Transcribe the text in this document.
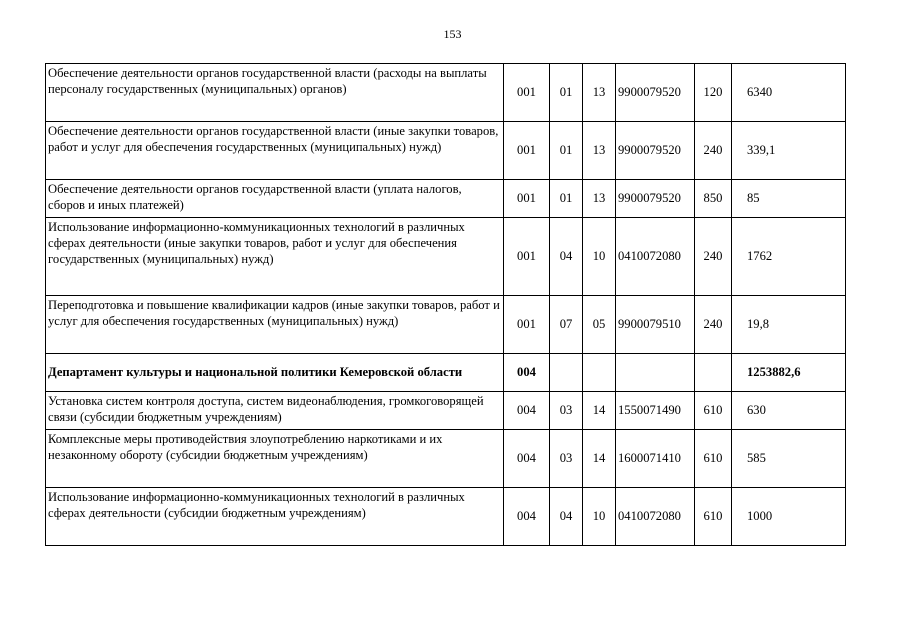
153
Обеспечение деятельности органов государственной власти (расходы на выплаты персоналу государственных (муниципальных) органов)	001	01	13	9900079520	120	6340
Обеспечение деятельности органов государственной власти (иные закупки товаров, работ и услуг для обеспечения государственных (муниципальных) нужд)	001	01	13	9900079520	240	339,1
Обеспечение деятельности органов государственной власти (уплата налогов, сборов и иных платежей)	001	01	13	9900079520	850	85
Использование информационно-коммуникационных технологий в различных сферах деятельности (иные закупки товаров, работ и услуг для обеспечения государственных (муниципальных) нужд)	001	04	10	0410072080	240	1762
Переподготовка и повышение квалификации кадров (иные закупки товаров, работ и услуг для обеспечения государственных (муниципальных) нужд)	001	07	05	9900079510	240	19,8
Департамент культуры и национальной политики Кемеровской области	004					1253882,6
Установка систем контроля доступа, систем видеонаблюдения, громкоговорящей связи (субсидии бюджетным учреждениям)	004	03	14	1550071490	610	630
Комплексные меры противодействия злоупотреблению наркотиками и их незаконному обороту (субсидии бюджетным учреждениям)	004	03	14	1600071410	610	585
Использование информационно-коммуникационных технологий в различных сферах деятельности (субсидии бюджетным учреждениям)	004	04	10	0410072080	610	1000
